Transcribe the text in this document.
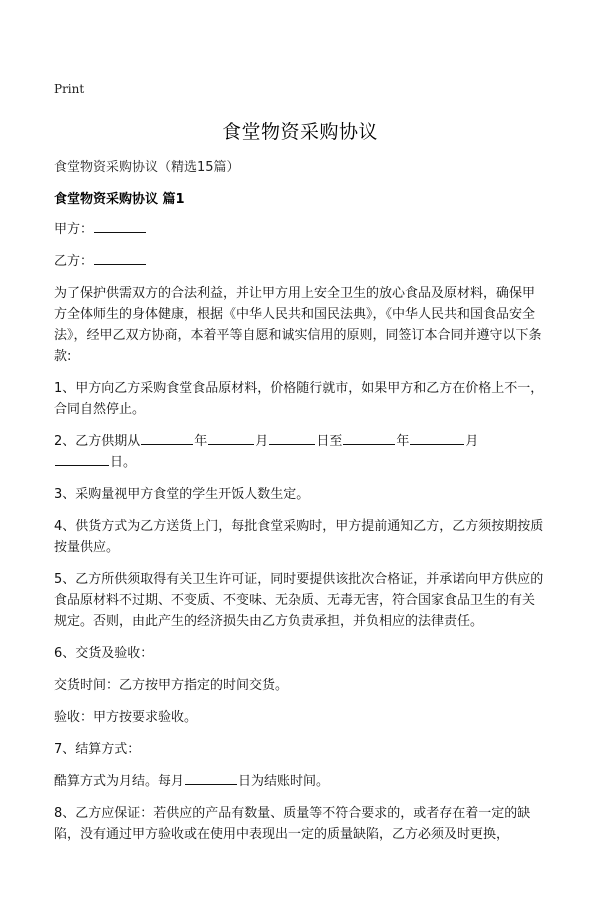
Print
食堂物资采购协议
食堂物资采购协议（精选15篇）
食堂物资采购协议 篇1

甲方：

乙方：

为了保护供需双方的合法利益，并让甲方用上安全卫生的放心食品及原材料，确保甲方全体师生的身体健康，根据《中华人民共和国民法典》，《中华人民共和国食品安全法》，经甲乙双方协商，本着平等自愿和诚实信用的原则，同签订本合同并遵守以下条款:

1、甲方向乙方采购食堂食品原材料，价格随行就市，如果甲方和乙方在价格上不一，合同自然停止。

2、乙方供期从	年	月	日至	年	月
日。

3、采购量视甲方食堂的学生开饭人数生定。

4、供货方式为乙方送货上门，每批食堂采购时，甲方提前通知乙方，乙方须按期按质按量供应。

5、乙方所供须取得有关卫生许可证，同时要提供该批次合格证，并承诺向甲方供应的食品原材料不过期、不变质、不变味、无杂质、无毒无害，符合国家食品卫生的有关规定。否则，由此产生的经济损失由乙方负责承担，并负相应的法律责任。

6、交货及验收：

交货时间：乙方按甲方指定的时间交货。

验收：甲方按要求验收。

7、结算方式：

酷算方式为月结。每月	日为结账时间。

8、乙方应保证：若供应的产品有数量、质量等不符合要求的，或者存在着一定的缺陷，没有通过甲方验收或在使用中表现出一定的质量缺陷，乙方必须及时更换，
